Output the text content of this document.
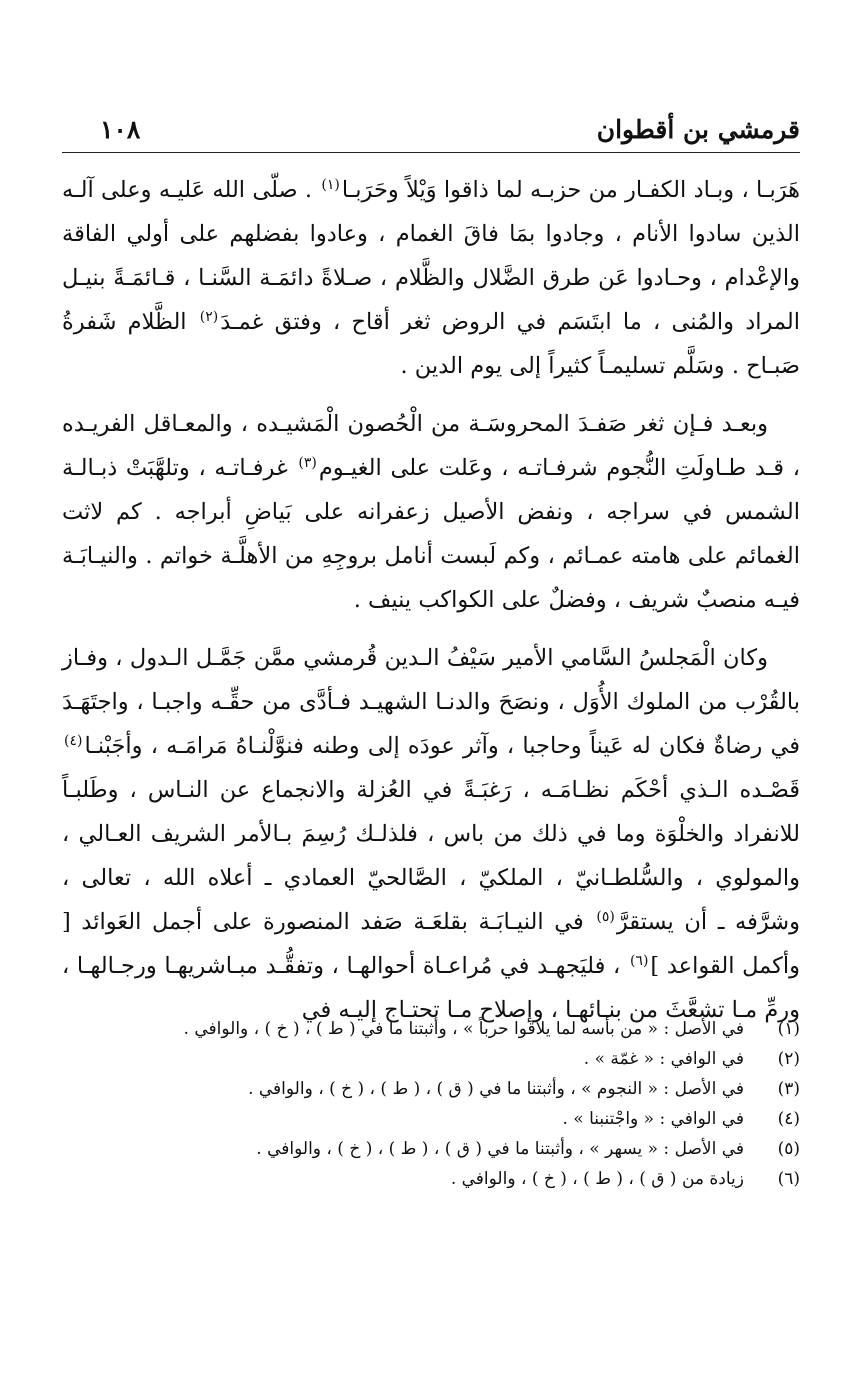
قرمشي بن أقطوان
١٠٨

هَرَبـا ، وبـاد الكفـار من حزبـه لما ذاقوا وَيْلاً وحَرَبـا$^{(١)}$ . صلّى الله عَليـه وعلى آلـه الذين سادوا الأنام ، وجادوا بمَا فاقَ الغمام ، وعادوا بفضلهم على أولي الفاقة والإعْدام ، وحـادوا عَن طرق الضَّلال والظَّلام ، صـلاةً دائمَـة السَّنـا ، قـائمَـةً بنيـل المراد والمُنى ، ما ابتَسَم في الروض ثغر أقاح ، وفتق غمـدَ$^{(٢)}$ الظَّلام شَفرةُ صَبـاح . وسَلَّم تسليمـاً كثيراً إلى يوم الدين .

وبعـد فـإن ثغر صَفـدَ المحروسَـة من الْحُصون الْمَشيـده ، والمعـاقل الفريـده ، قـد طـاولَتِ النُّجوم شرفـاتـه ، وعَلت على الغيـوم$^{(٣)}$ غرفـاتـه ، وتلهَّبَتْ ذبـالـة الشمس في سراجه ، ونفض الأصيل زعفرانه على بَياضِ أبراجه . كم لاثت الغمائم على هامته عمـائم ، وكم لَبست أنامل بروجِهِ من الأهلَّـة خواتم . والنيـابَـة فيـه منصبٌ شريف ، وفضلٌ على الكواكب ينيف .

وكان الْمَجلسُ السَّامي الأمير سَيْفُ الـدين قُرمشي ممَّن جَمَّـل الـدول ، وفـاز بالقُرْب من الملوك الأُوَل ، ونصَحَ والدنـا الشهيـد فـأدَّى من حقِّـه واجبـا ، واجتَهَـدَ في رضاةٌ فكان له عَيناً وحاجبا ، وآثر عودَه إلى وطنه فنوَّلْنـاهُ مَرامَـه ، وأجَبْنـا$^{(٤)}$ قَصْـده الـذي أحْكَم نظـامَـه ، رَغبَـةً في العُزلة والانجماع عن النـاس ، وطَلبـاً للانفراد والخلْوَة وما في ذلك من باس ، فلذلـك رُسِمَ بـالأمر الشريف العـالي ، والمولوي ، والسُّلطـانيّ ، الملكيّ ، الصَّالحيّ العمادي ـ أعلاه الله ، تعالى ، وشرَّفه ـ أن يستقرَّ$^{(٥)}$ في النيـابَـة بقلعَـة صَفد المنصورة على أجمل العَوائد [ وأكمل القواعد ]$^{(٦)}$ ، فليَجهـد في مُراعـاة أحوالهـا ، وتفقُّـد مبـاشريهـا ورجـالهـا ، ورمِّ مـا تشعَّثَ من بنـائهـا ، وإصلاح مـا تحتـاج إليـه في

(١)
في الأصل : « من بأسه لما يلاقوا حرباً » ، وأثبتنا ما في ( ط ) ، ( خ ) ، والوافي .
(٢)
في الوافي : « غمّة » .
(٣)
في الأصل : « النجوم » ، وأثبتنا ما في ( ق ) ، ( ط ) ، ( خ ) ، والوافي .
(٤)
في الوافي : « واجْتنبنا » .
(٥)
في الأصل : « يسهر » ، وأثبتنا ما في ( ق ) ، ( ط ) ، ( خ ) ، والوافي .
(٦)
زيادة من ( ق ) ، ( ط ) ، ( خ ) ، والوافي .
